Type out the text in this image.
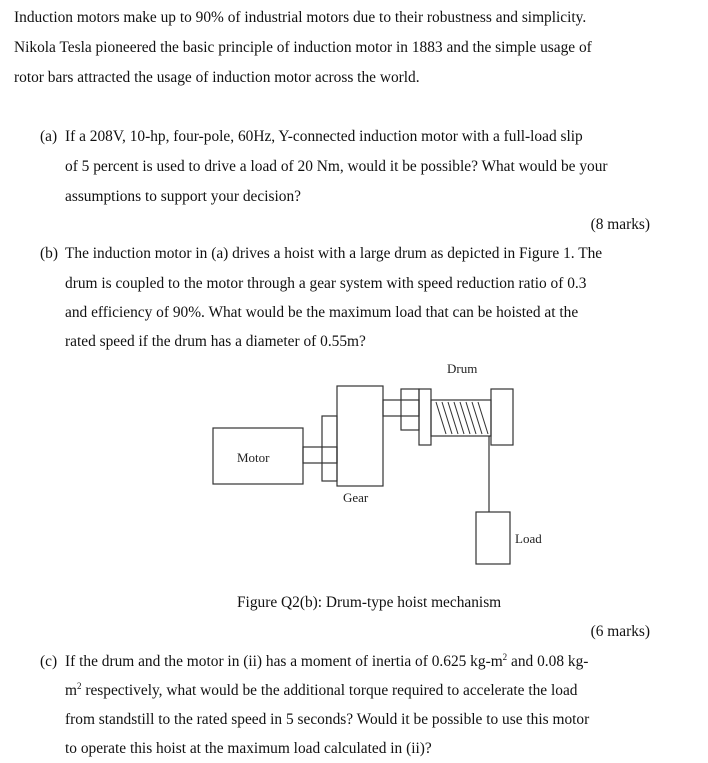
Induction motors make up to 90% of industrial motors due to their robustness and simplicity.
Nikola Tesla pioneered the basic principle of induction motor in 1883 and the simple usage of
rotor bars attracted the usage of induction motor across the world.
(a) If a 208V, 10-hp, four-pole, 60Hz, Y-connected induction motor with a full-load slip
of 5 percent is used to drive a load of 20 Nm, would it be possible? What would be your
assumptions to support your decision?
(8 marks)
(b) The induction motor in (a) drives a hoist with a large drum as depicted in Figure 1. The
drum is coupled to the motor through a gear system with speed reduction ratio of 0.3
and efficiency of 90%. What would be the maximum load that can be hoisted at the
rated speed if the drum has a diameter of 0.55m?
Drum
Motor
Gear
Load
Figure Q2(b): Drum-type hoist mechanism
(6 marks)
(c) If the drum and the motor in (ii) has a moment of inertia of 0.625 $kg-m^2$ and 0.08 kg-
$m^2$ respectively, what would be the additional torque required to accelerate the load
from standstill to the rated speed in 5 seconds? Would it be possible to use this motor
to operate this hoist at the maximum load calculated in (ii)?
